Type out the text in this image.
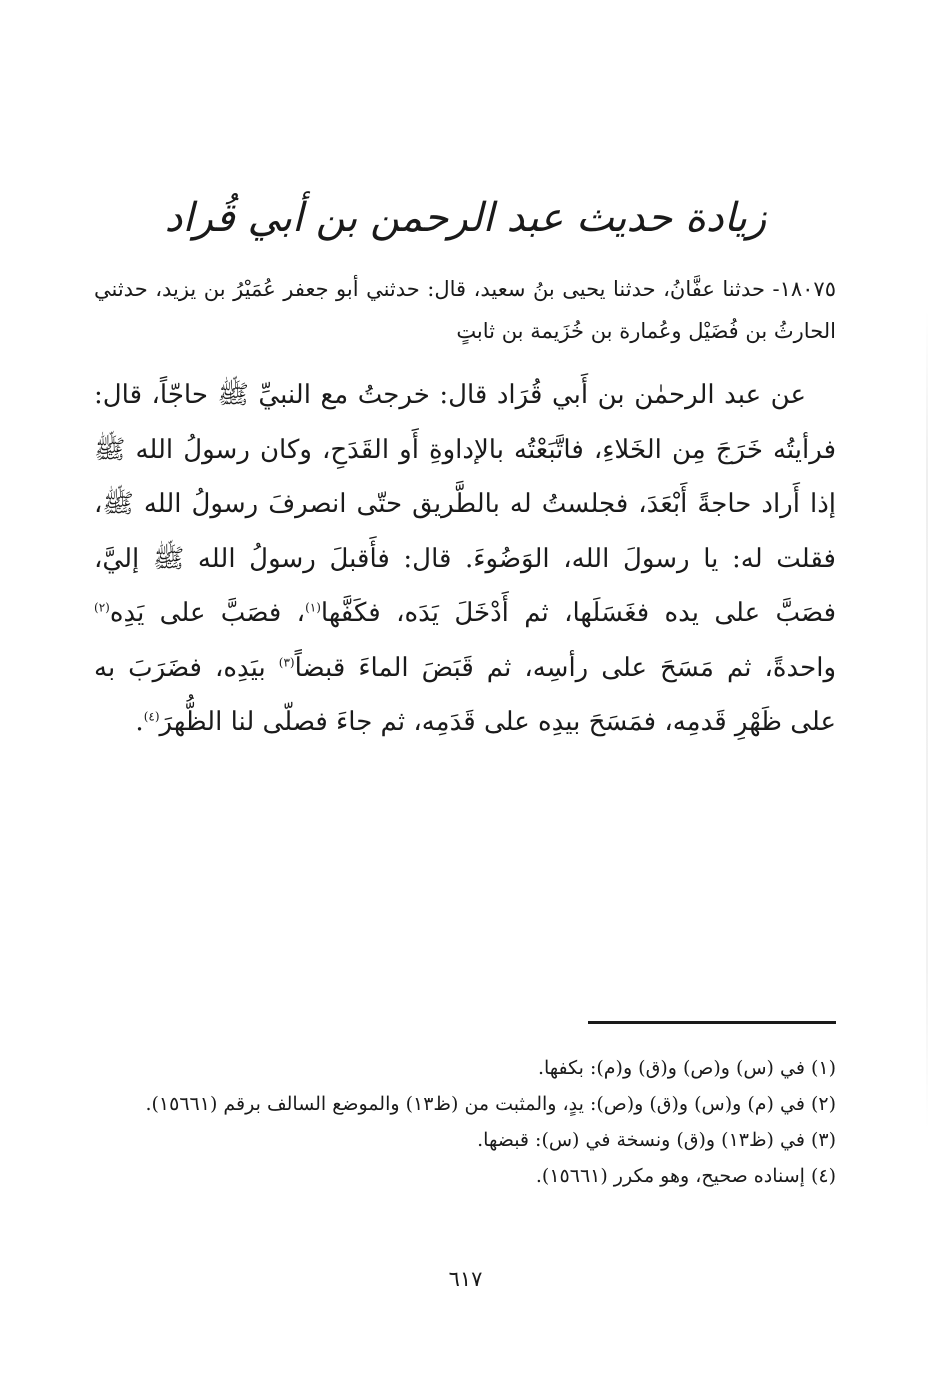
زيادة حديث عبد الرحمن بن أبي قُراد
١٨٠٧٥- حدثنا عفَّانُ، حدثنا يحيى بنُ سعيد، قال: حدثني أبو جعفر عُمَيْرُ بن يزيد، حدثني الحارثُ بن فُضَيْل وعُمارة بن خُزَيمة بن ثابتٍ
عن عبد الرحمٰن بن أَبي قُرَاد قال: خرجتُ مع النبيِّ ﷺ حاجّاً، قال: فرأيتُه خَرَجَ مِن الخَلاءِ، فاتَّبَعْتُه بالإداوةِ أَو القَدَحِ، وكان رسولُ الله ﷺ إذا أَراد حاجةً أَبْعَدَ، فجلستُ له بالطَّريق حتّى انصرفَ رسولُ الله ﷺ، فقلت له: يا رسولَ الله، الوَضُوءَ. قال: فأَقبلَ رسولُ الله ﷺ إليَّ، فصَبَّ على يده فغَسَلَها، ثم أَدْخَلَ يَدَه، فكَفَّها$^{(١)}$، فصَبَّ على يَدِه$^{(٢)}$ واحدةً، ثم مَسَحَ على رأسِه، ثم قَبَضَ الماءَ قبضاً$^{(٣)}$ بيَدِه، فضَرَبَ به على ظَهْرِ قَدمِه، فمَسَحَ بيدِه على قَدَمِه، ثم جاءَ فصلّى لنا الظُّهرَ$^{(٤)}$.
(١)في (س) و(ص) و(ق) و(م): بكفها.
(٢)في (م) و(س) و(ق) و(ص): يدٍ، والمثبت من (ظ١٣) والموضع السالف برقم (١٥٦٦١).
(٣)في (ظ١٣) و(ق) ونسخة في (س): قبضها.
(٤)إسناده صحيح، وهو مكرر (١٥٦٦١).
٦١٧
